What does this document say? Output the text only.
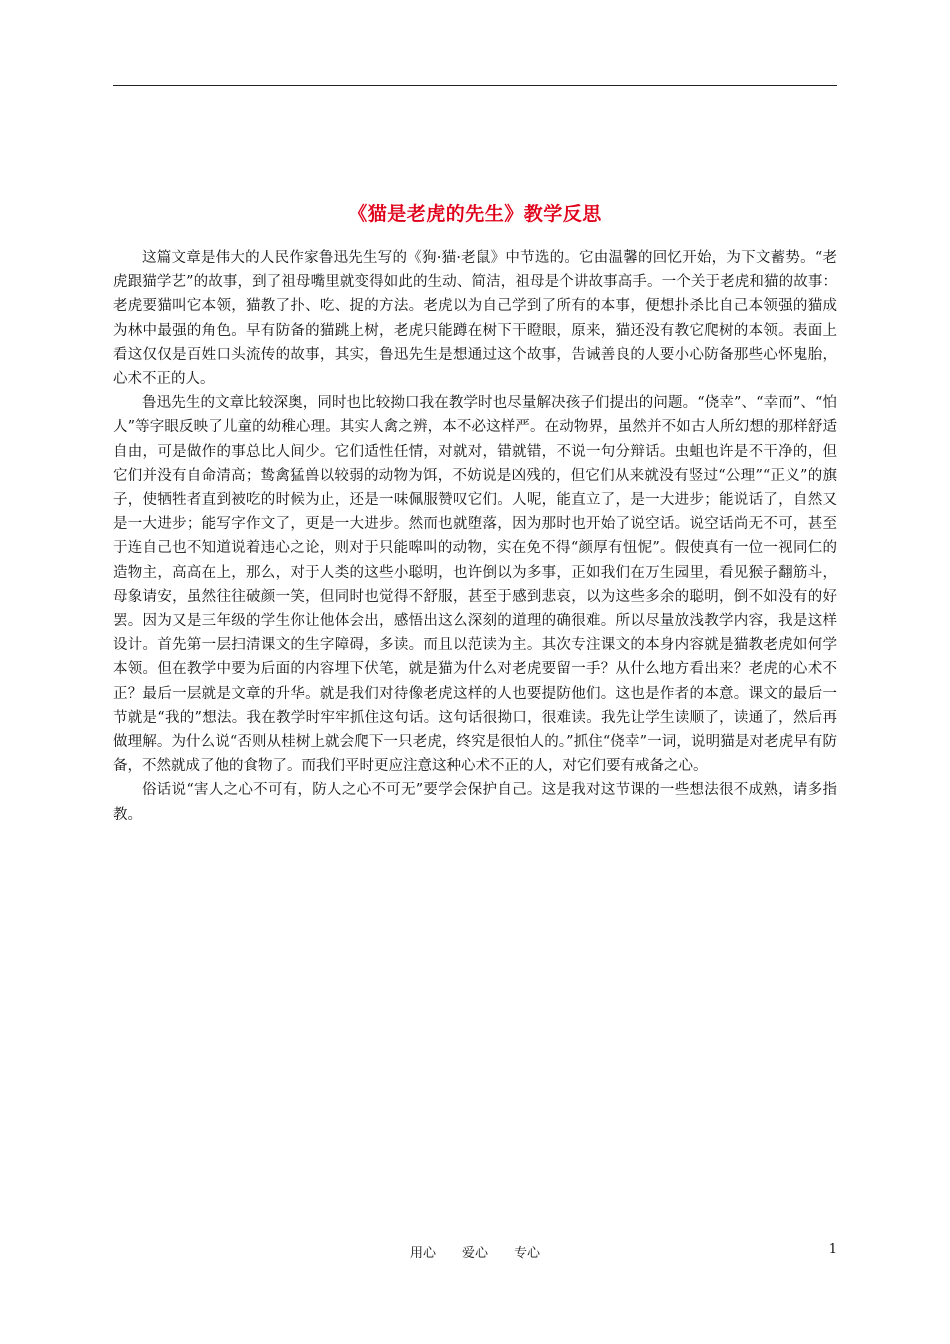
《猫是老虎的先生》教学反思

这篇文章是伟大的人民作家鲁迅先生写的《狗·猫·老鼠》中节选的。它由温馨的回忆开始，为下文蓄势。“老虎跟猫学艺”的故事，到了祖母嘴里就变得如此的生动、简洁，祖母是个讲故事高手。一个关于老虎和猫的故事：老虎要猫叫它本领，猫教了扑、吃、捉的方法。老虎以为自己学到了所有的本事，便想扑杀比自己本领强的猫成为林中最强的角色。早有防备的猫跳上树，老虎只能蹲在树下干瞪眼，原来，猫还没有教它爬树的本领。表面上看这仅仅是百姓口头流传的故事，其实，鲁迅先生是想通过这个故事，告诫善良的人要小心防备那些心怀鬼胎，心术不正的人。

鲁迅先生的文章比较深奥，同时也比较拗口我在教学时也尽量解决孩子们提出的问题。“侥幸”、“幸而”、“怕人”等字眼反映了儿童的幼稚心理。其实人禽之辨，本不必这样严。在动物界，虽然并不如古人所幻想的那样舒适自由，可是做作的事总比人间少。它们适性任情，对就对，错就错，不说一句分辩话。虫蛆也许是不干净的，但它们并没有自命清高；鸷禽猛兽以较弱的动物为饵，不妨说是凶残的，但它们从来就没有竖过“公理”“正义”的旗子，使牺牲者直到被吃的时候为止，还是一味佩服赞叹它们。人呢，能直立了，是一大进步；能说话了，自然又是一大进步；能写字作文了，更是一大进步。然而也就堕落，因为那时也开始了说空话。说空话尚无不可，甚至于连自己也不知道说着违心之论，则对于只能嗥叫的动物，实在免不得“颜厚有忸怩”。假使真有一位一视同仁的造物主，高高在上，那么，对于人类的这些小聪明，也许倒以为多事，正如我们在万生园里，看见猴子翻筋斗，母象请安，虽然往往破颜一笑，但同时也觉得不舒服，甚至于感到悲哀，以为这些多余的聪明，倒不如没有的好罢。因为又是三年级的学生你让他体会出，感悟出这么深刻的道理的确很难。所以尽量放浅教学内容，我是这样设计。首先第一层扫清课文的生字障碍，多读。而且以范读为主。其次专注课文的本身内容就是猫教老虎如何学本领。但在教学中要为后面的内容埋下伏笔，就是猫为什么对老虎要留一手？从什么地方看出来？老虎的心术不正？最后一层就是文章的升华。就是我们对待像老虎这样的人也要提防他们。这也是作者的本意。课文的最后一节就是“我的”想法。我在教学时牢牢抓住这句话。这句话很拗口，很难读。我先让学生读顺了，读通了，然后再做理解。为什么说“否则从桂树上就会爬下一只老虎，终究是很怕人的。”抓住“侥幸”一词，说明猫是对老虎早有防备，不然就成了他的食物了。而我们平时更应注意这种心术不正的人，对它们要有戒备之心。

俗话说“害人之心不可有，防人之心不可无”要学会保护自己。这是我对这节课的一些想法很不成熟，请多指教。

用心　　爱心　　专心	1
